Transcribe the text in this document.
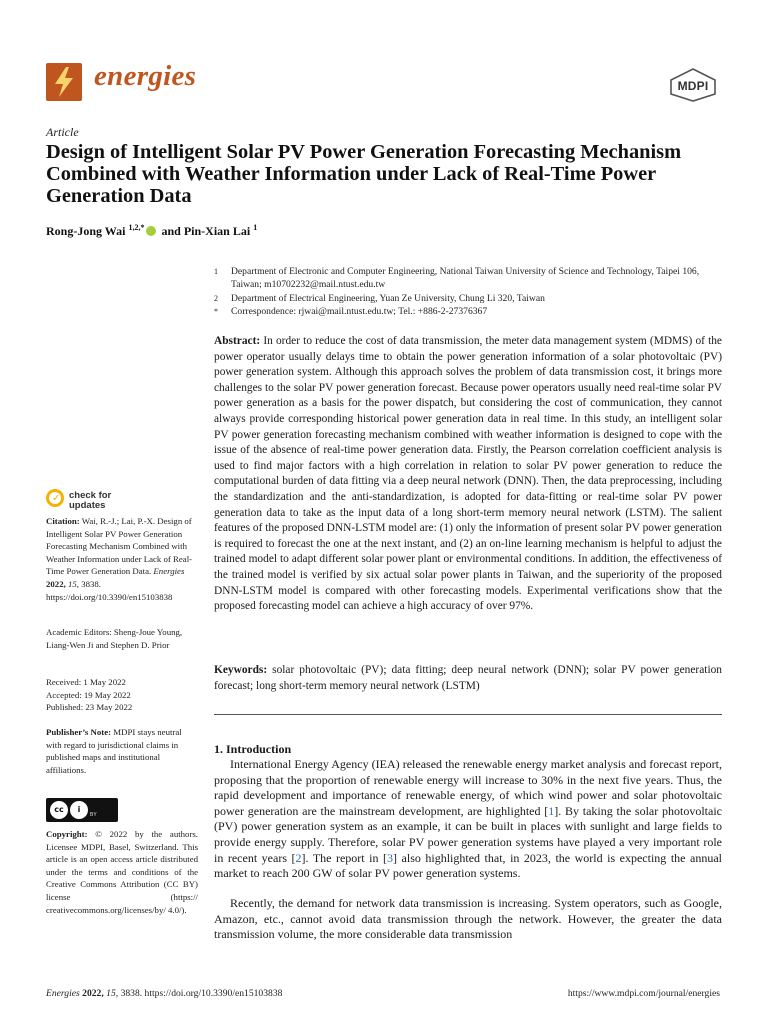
energies	MDPI
Article
Design of Intelligent Solar PV Power Generation Forecasting Mechanism Combined with Weather Information under Lack of Real-Time Power Generation Data
Rong-Jong Wai $^{1,2,*}$ and Pin-Xian Lai $^1$
1 Department of Electronic and Computer Engineering, National Taiwan University of Science and Technology, Taipei 106, Taiwan; m10702232@mail.ntust.edu.tw
2 Department of Electrical Engineering, Yuan Ze University, Chung Li 320, Taiwan
* Correspondence: rjwai@mail.ntust.edu.tw; Tel.: +886-2-27376367
Abstract: In order to reduce the cost of data transmission, the meter data management system (MDMS) of the power operator usually delays time to obtain the power generation information of a solar photovoltaic (PV) power generation system. Although this approach solves the problem of data transmission cost, it brings more challenges to the solar PV power generation forecast. Because power operators usually need real-time solar PV power generation as a basis for the power dispatch, but considering the cost of communication, they cannot always provide corresponding historical power generation data in real time. In this study, an intelligent solar PV power generation forecasting mechanism combined with weather information is designed to cope with the issue of the absence of real-time power generation data. Firstly, the Pearson correlation coefficient analysis is used to find major factors with a high correlation in relation to solar PV power generation to reduce the computational burden of data fitting via a deep neural network (DNN). Then, the data preprocessing, including the standardization and the anti-standardization, is adopted for data-fitting or real-time solar PV power generation data to take as the input data of a long short-term memory neural network (LSTM). The salient features of the proposed DNN-LSTM model are: (1) only the information of present solar PV power generation is required to forecast the one at the next instant, and (2) an on-line learning mechanism is helpful to adjust the trained model to adapt different solar power plant or environmental conditions. In addition, the effectiveness of the trained model is verified by six actual solar power plants in Taiwan, and the superiority of the proposed DNN-LSTM model is compared with other forecasting models. Experimental verifications show that the proposed forecasting model can achieve a high accuracy of over 97%.
Keywords: solar photovoltaic (PV); data fitting; deep neural network (DNN); solar PV power generation forecast; long short-term memory neural network (LSTM)
1. Introduction
International Energy Agency (IEA) released the renewable energy market analysis and forecast report, proposing that the proportion of renewable energy will increase to 30% in the next five years. Thus, the rapid development and importance of renewable energy, of which wind power and solar photovoltaic power generation are the mainstream development, are highlighted [1]. By taking the solar photovoltaic (PV) power generation system as an example, it can be built in places with sunlight and large fields to provide energy supply. Therefore, solar PV power generation systems have played a very important role in recent years [2]. The report in [3] also highlighted that, in 2023, the world is expecting the annual market to reach 200 GW of solar PV power generation systems.
Recently, the demand for network data transmission is increasing. System operators, such as Google, Amazon, etc., cannot avoid data transmission through the network. However, the greater the data transmission volume, the more considerable data transmission
✓ check for
updates
Citation: Wai, R.-J.; Lai, P.-X. Design of Intelligent Solar PV Power Generation Forecasting Mechanism Combined with Weather Information under Lack of Real-Time Power Generation Data. Energies 2022, 15, 3838. https://doi.org/10.3390/en15103838
Academic Editors: Sheng-Joue Young, Liang-Wen Ji and Stephen D. Prior
Received: 1 May 2022
Accepted: 19 May 2022
Published: 23 May 2022
Publisher’s Note: MDPI stays neutral with regard to jurisdictional claims in published maps and institutional affiliations.
cc	i
BY
Copyright: © 2022 by the authors. Licensee MDPI, Basel, Switzerland. This article is an open access article distributed under the terms and conditions of the Creative Commons Attribution (CC BY) license (https:// creativecommons.org/licenses/by/ 4.0/).
Energies 2022, 15, 3838. https://doi.org/10.3390/en15103838	https://www.mdpi.com/journal/energies
